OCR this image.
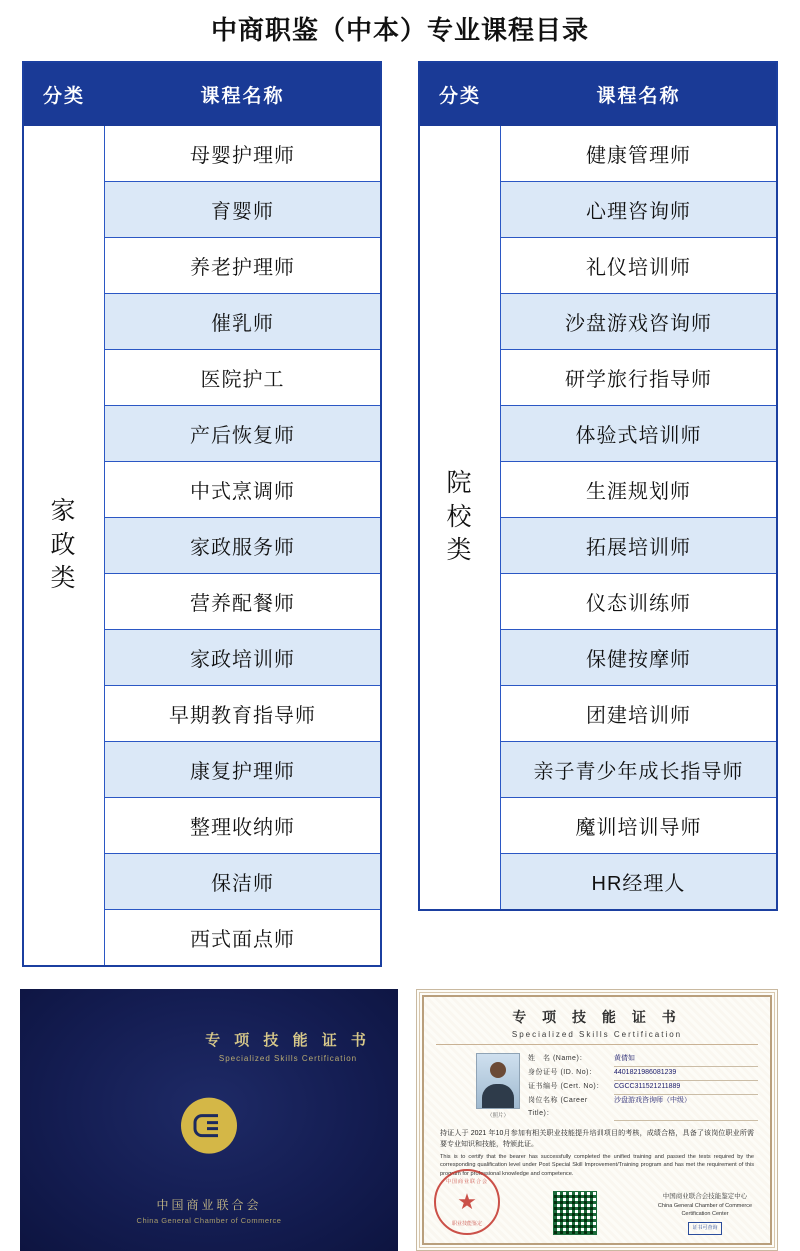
中商职鉴（中本）专业课程目录
分类	课程名称

家
政
类	母婴护理师
	育婴师
	养老护理师
	催乳师
	医院护工
	产后恢复师
	中式烹调师
	家政服务师
	营养配餐师
	家政培训师
	早期教育指导师
	康复护理师
	整理收纳师
	保洁师
	西式面点师
分类	课程名称

院
校
类	健康管理师
	心理咨询师
	礼仪培训师
	沙盘游戏咨询师
	研学旅行指导师
	体验式培训师
	生涯规划师
	拓展培训师
	仪态训练师
	保健按摩师
	团建培训师
	亲子青少年成长指导师
	魔训培训导师
	HR经理人
专 项 技 能 证 书
Specialized Skills Certification
中国商业联合会
China General Chamber of Commerce
专 项 技 能 证 书
Specialized Skills Certification
（照片）
姓　名 (Name)：	黄倩如
身份证号 (ID. No)：	4401821986081239
证书编号 (Cert. No)：	CGCC311521211889
岗位名称 (Career Title)：
沙盘游戏咨询师（中级）
持证人于 2021 年10月参加有相关职业技能提升培训项目的考核，成绩合格，具备了该岗位职业所需要专业知识和技能，特颁此证。
This is to certify that the bearer has successfully completed the unified training and passed the tests required by the corresponding qualification level under Post Special Skill Improvement/Training program and has met the requirement of this program for professional knowledge and competence.
中国商业联合会
★
职业技能鉴定
中国商业联合会技能鉴定中心
China General Chamber of Commerce Certification Center
证书可查询
